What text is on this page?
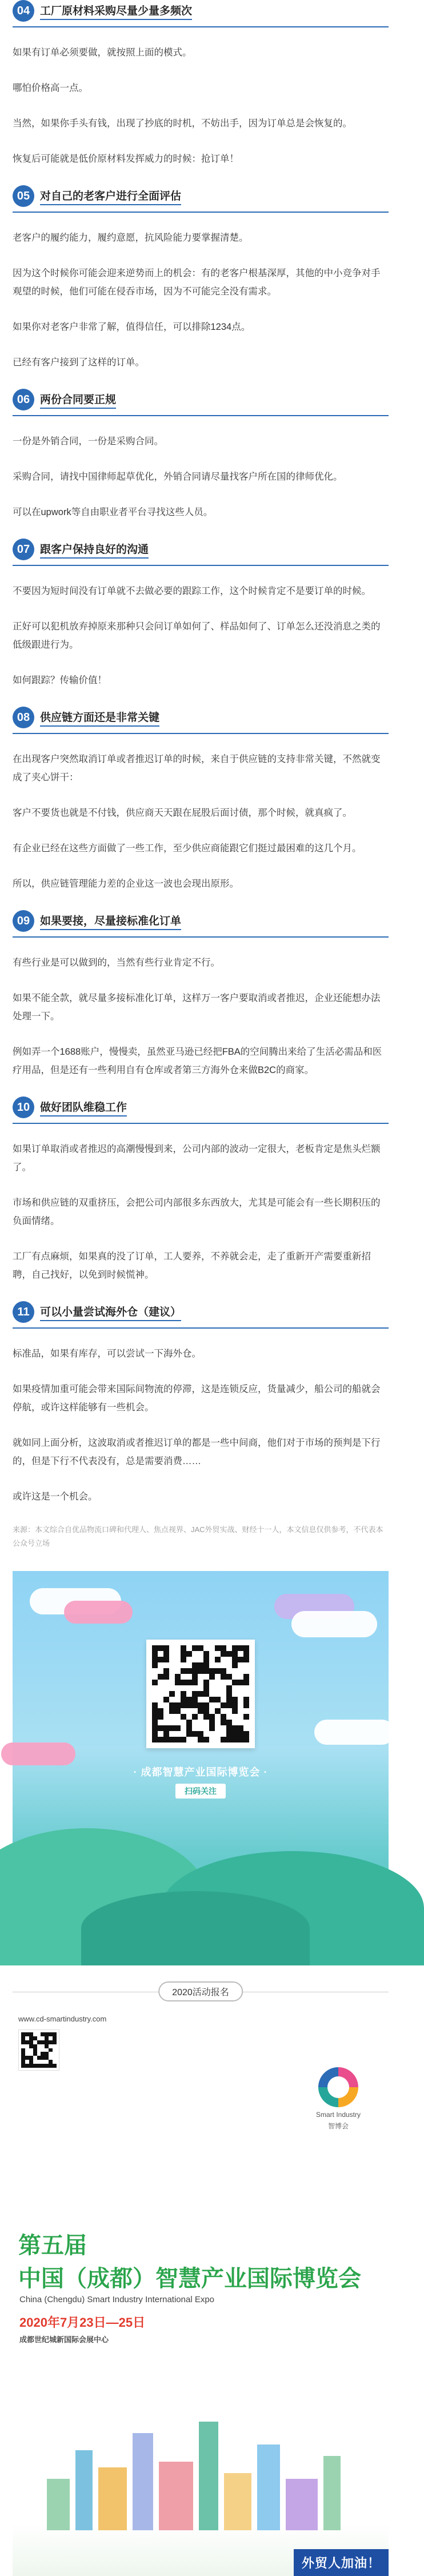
04 工厂原材料采购尽量少量多频次

如果有订单必须要做，就按照上面的模式。

哪怕价格高一点。

当然，如果你手头有钱，出现了抄底的时机，不妨出手，因为订单总是会恢复的。

恢复后可能就是低价原材料发挥威力的时候：抢订单！

05 对自己的老客户进行全面评估

老客户的履约能力，履约意愿，抗风险能力要掌握清楚。

因为这个时候你可能会迎来逆势而上的机会：有的老客户根基深厚，其他的中小竞争对手观望的时候，他们可能在侵吞市场，因为不可能完全没有需求。

如果你对老客户非常了解，值得信任，可以排除1234点。

已经有客户接到了这样的订单。

06 两份合同要正规

一份是外销合同，一份是采购合同。

采购合同，请找中国律师起草优化，外销合同请尽量找客户所在国的律师优化。

可以在upwork等自由职业者平台寻找这些人员。

07 跟客户保持良好的沟通

不要因为短时间没有订单就不去做必要的跟踪工作，这个时候肯定不是要订单的时候。

正好可以犯机放弃掉原来那种只会问订单如何了、样品如何了、订单怎么还没消息之类的低级跟进行为。

如何跟踪？传输价值！

08 供应链方面还是非常关键

在出现客户突然取消订单或者推迟订单的时候，来自于供应链的支持非常关键，不然就变成了夹心饼干：

客户不要货也就是不付钱，供应商天天跟在屁股后面讨债，那个时候，就真疯了。

有企业已经在这些方面做了一些工作，至少供应商能跟它们挺过最困难的这几个月。

所以，供应链管理能力差的企业这一波也会现出原形。

09 如果要接，尽量接标准化订单

有些行业是可以做到的，当然有些行业肯定不行。

如果不能全款，就尽量多接标准化订单，这样万一客户要取消或者推迟，企业还能想办法处理一下。

例如弄一个1688账户，慢慢卖，虽然亚马逊已经把FBA的空间腾出来给了生活必需品和医疗用品，但是还有一些利用自有仓库或者第三方海外仓来做B2C的商家。

10 做好团队维稳工作

如果订单取消或者推迟的高潮慢慢到来，公司内部的波动一定很大，老板肯定是焦头烂额了。

市场和供应链的双重挤压，会把公司内部很多东西放大，尤其是可能会有一些长期积压的负面情绪。

工厂有点麻烦，如果真的没了订单，工人要养，不养就会走，走了重新开产需要重新招聘，自己找好，以免到时候慌神。

11 可以小量尝试海外仓（建议）

标准品，如果有库存，可以尝试一下海外仓。

如果疫情加重可能会带来国际间物流的停滞，这是连锁反应，货量减少，船公司的船就会停航，或许这样能够有一些机会。

就如同上面分析，这波取消或者推迟订单的都是一些中间商，他们对于市场的预判是下行的，但是下行不代表没有，总是需要消费……

或许这是一个机会。

来源：本文综合自优品物流口碑和代理人、焦点视界、JAC外贸实战、财经十一人，本文信息仅供参考，不代表本公众号立场
· 成都智慧产业国际博览会 ·
扫码关注
2020活动报名
www.cd-smartindustry.com
Smart Industry
智博会
第五届
中国（成都）智慧产业国际博览会
China (Chengdu) Smart Industry International Expo
2020年7月23日—25日
成都世纪城新国际会展中心
外贸人加油！
